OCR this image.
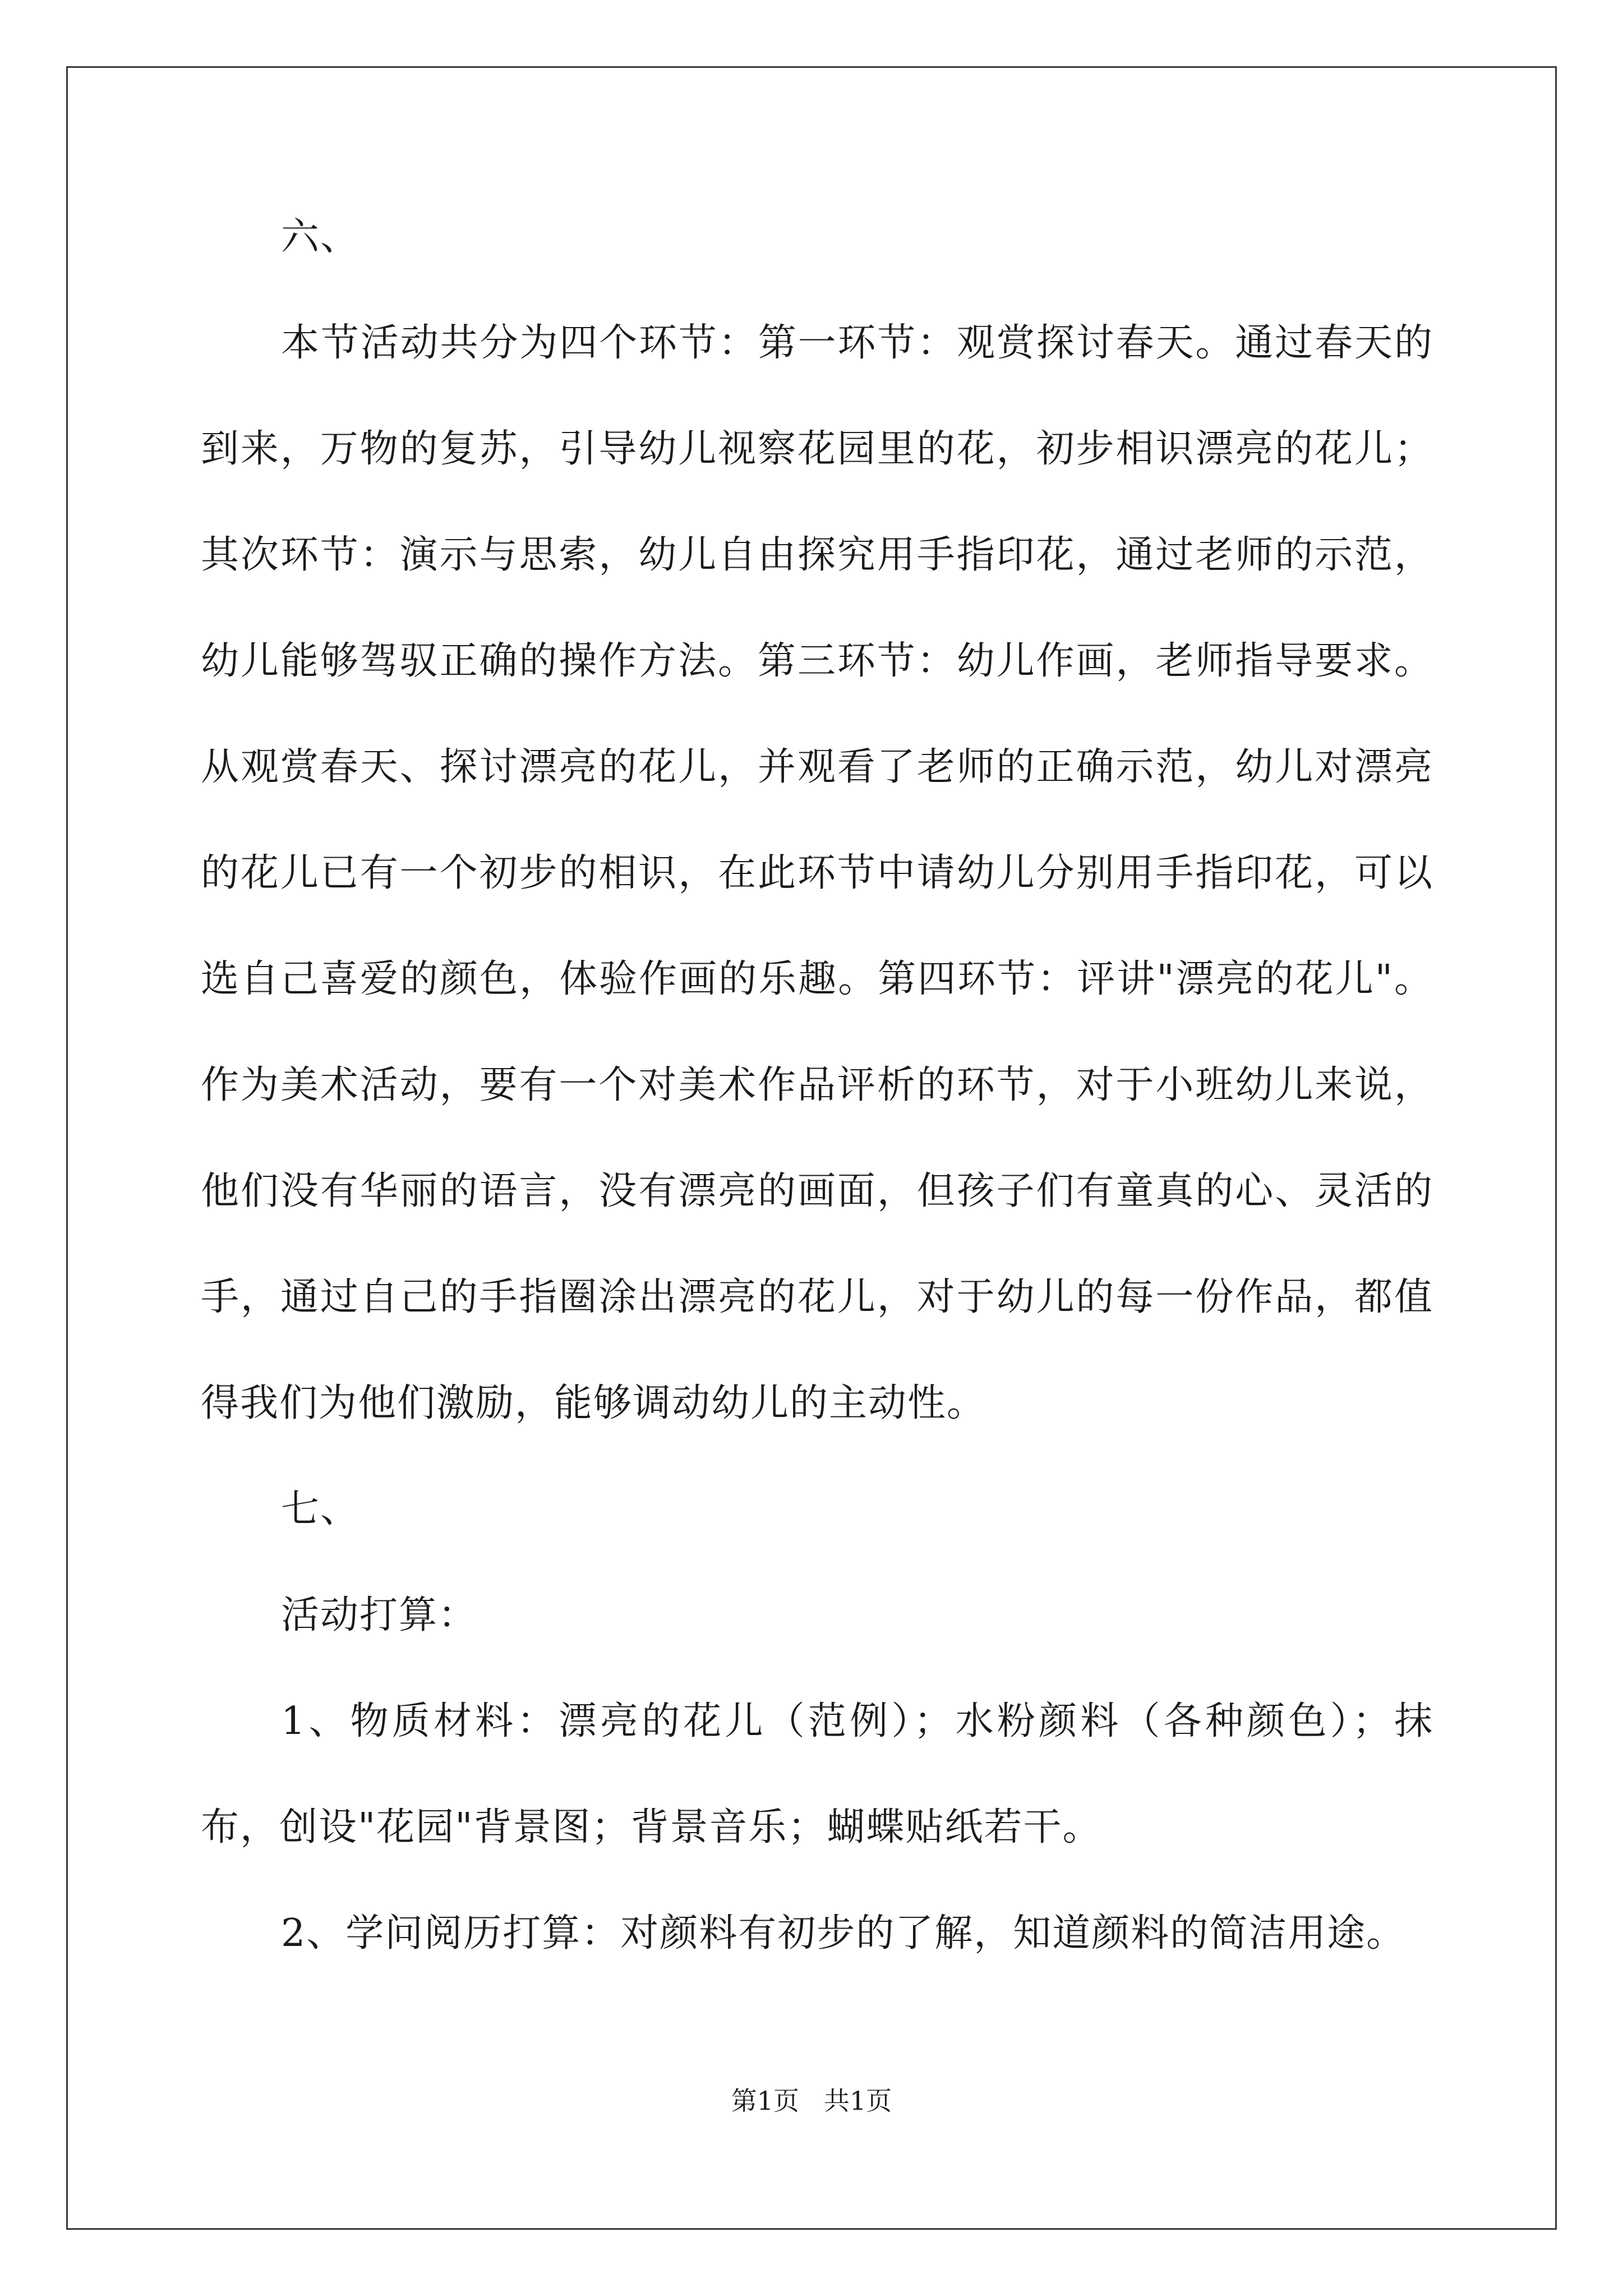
六、

本节活动共分为四个环节：第一环节：观赏探讨春天。通过春天的到来，万物的复苏，引导幼儿视察花园里的花，初步相识漂亮的花儿；其次环节：演示与思索，幼儿自由探究用手指印花，通过老师的示范，幼儿能够驾驭正确的操作方法。第三环节：幼儿作画，老师指导要求。从观赏春天、探讨漂亮的花儿，并观看了老师的正确示范，幼儿对漂亮的花儿已有一个初步的相识，在此环节中请幼儿分别用手指印花，可以选自己喜爱的颜色，体验作画的乐趣。第四环节：评讲"漂亮的花儿"。作为美术活动，要有一个对美术作品评析的环节，对于小班幼儿来说，他们没有华丽的语言，没有漂亮的画面，但孩子们有童真的心、灵活的手，通过自己的手指圈涂出漂亮的花儿，对于幼儿的每一份作品，都值得我们为他们激励，能够调动幼儿的主动性。

七、

活动打算：

1、物质材料：漂亮的花儿（范例）；水粉颜料（各种颜色）；抹布，创设"花园"背景图；背景音乐；蝴蝶贴纸若干。

2、学问阅历打算：对颜料有初步的了解，知道颜料的简洁用途。

第1页 共1页
